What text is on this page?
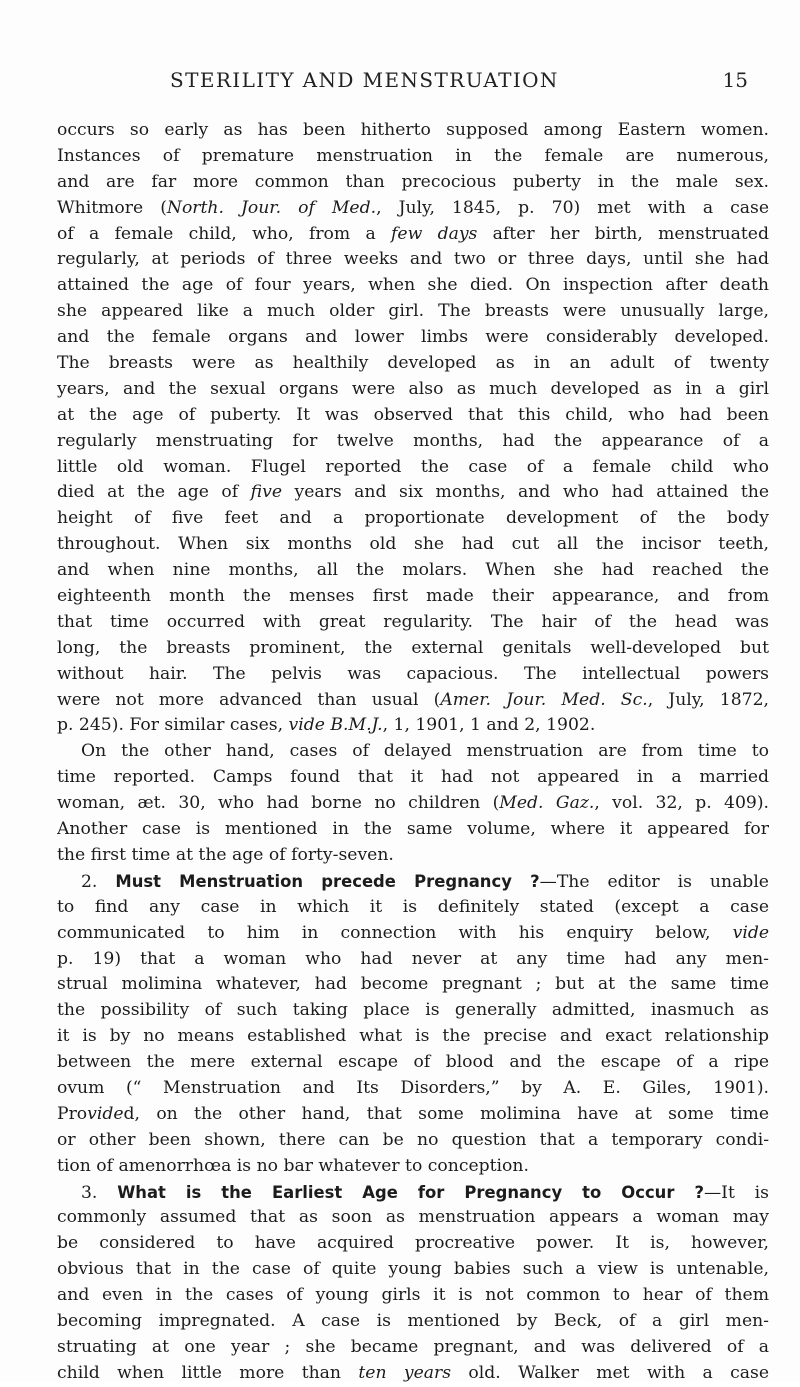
STERILITY AND MENSTRUATION	15
occurs so early as has been hitherto supposed among Eastern women.
Instances of premature menstruation in the female are numerous,
and are far more common than precocious puberty in the male sex.
Whitmore (North. Jour. of Med., July, 1845, p. 70) met with a case
of a female child, who, from a few days after her birth, menstruated
regularly, at periods of three weeks and two or three days, until she had
attained the age of four years, when she died. On inspection after death
she appeared like a much older girl. The breasts were unusually large,
and the female organs and lower limbs were considerably developed.
The breasts were as healthily developed as in an adult of twenty
years, and the sexual organs were also as much developed as in a girl
at the age of puberty. It was observed that this child, who had been
regularly menstruating for twelve months, had the appearance of a
little old woman. Flugel reported the case of a female child who
died at the age of five years and six months, and who had attained the
height of five feet and a proportionate development of the body
throughout. When six months old she had cut all the incisor teeth,
and when nine months, all the molars. When she had reached the
eighteenth month the menses first made their appearance, and from
that time occurred with great regularity. The hair of the head was
long, the breasts prominent, the external genitals well-developed but
without hair. The pelvis was capacious. The intellectual powers
were not more advanced than usual (Amer. Jour. Med. Sc., July, 1872,
p. 245). For similar cases, vide B.M.J., 1, 1901, 1 and 2, 1902.
On the other hand, cases of delayed menstruation are from time to
time reported. Camps found that it had not appeared in a married
woman, æt. 30, who had borne no children (Med. Gaz., vol. 32, p. 409).
Another case is mentioned in the same volume, where it appeared for
the first time at the age of forty-seven.
2. Must Menstruation precede Pregnancy ?—The editor is unable
to find any case in which it is definitely stated (except a case
communicated to him in connection with his enquiry below, vide
p. 19) that a woman who had never at any time had any men-
strual molimina whatever, had become pregnant ; but at the same time
the possibility of such taking place is generally admitted, inasmuch as
it is by no means established what is the precise and exact relationship
between the mere external escape of blood and the escape of a ripe
ovum (“ Menstruation and Its Disorders,” by A. E. Giles, 1901).
Provided, on the other hand, that some molimina have at some time
or other been shown, there can be no question that a temporary condi-
tion of amenorrhœa is no bar whatever to conception.
3. What is the Earliest Age for Pregnancy to Occur ?—It is
commonly assumed that as soon as menstruation appears a woman may
be considered to have acquired procreative power. It is, however,
obvious that in the case of quite young babies such a view is untenable,
and even in the cases of young girls it is not common to hear of them
becoming impregnated. A case is mentioned by Beck, of a girl men-
struating at one year ; she became pregnant, and was delivered of a
child when little more than ten years old. Walker met with a case
